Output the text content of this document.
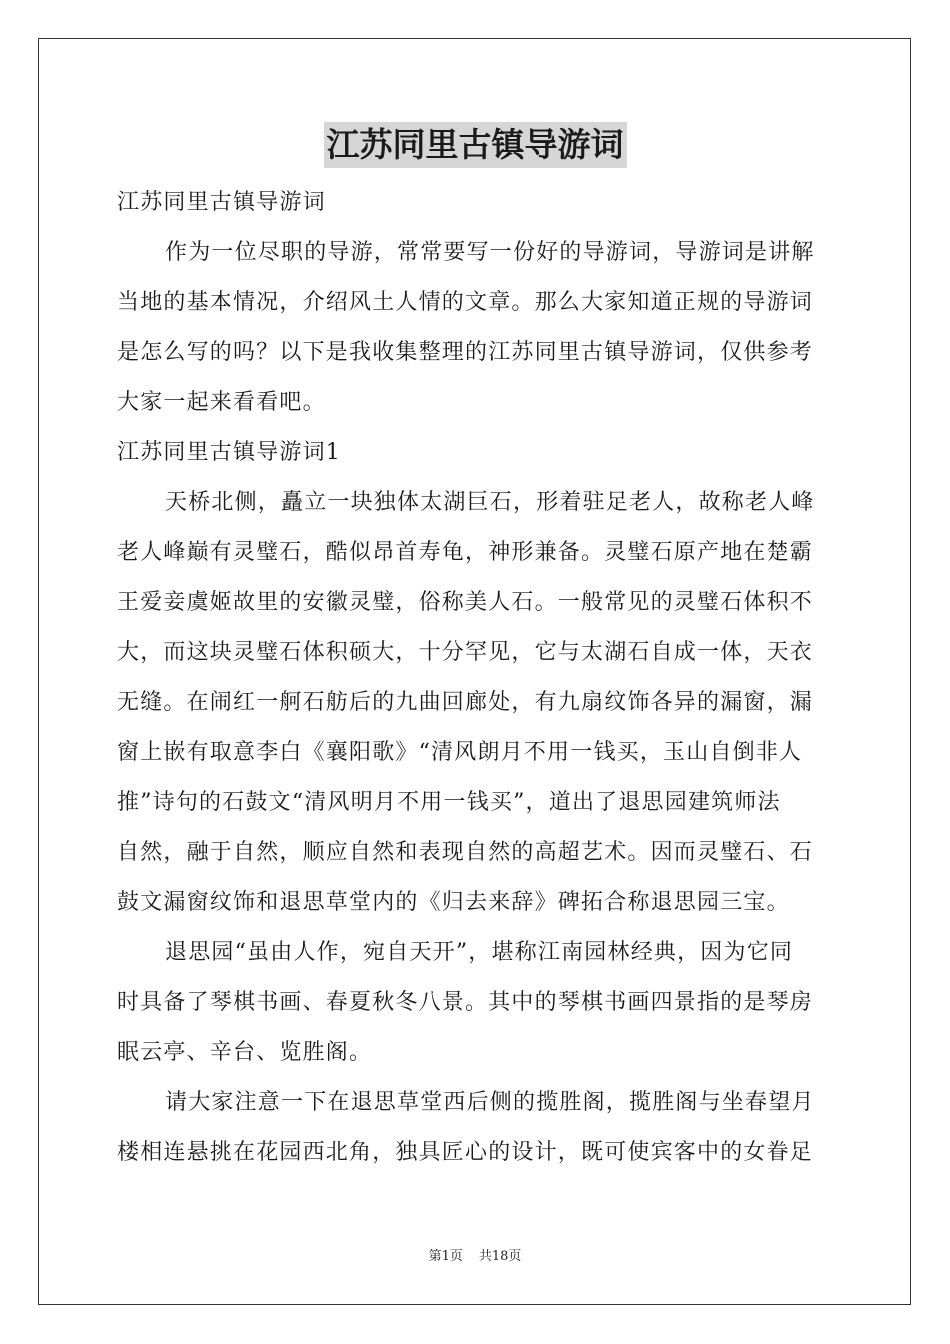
江苏同里古镇导游词
江苏同里古镇导游词
作为一位尽职的导游，常常要写一份好的导游词，导游词是讲解
当地的基本情况，介绍风土人情的文章。那么大家知道正规的导游词
是怎么写的吗？以下是我收集整理的江苏同里古镇导游词，仅供参考
大家一起来看看吧。
江苏同里古镇导游词1
天桥北侧，矗立一块独体太湖巨石，形着驻足老人，故称老人峰
老人峰巅有灵璧石，酷似昂首寿龟，神形兼备。灵璧石原产地在楚霸
王爱妾虞姬故里的安徽灵璧，俗称美人石。一般常见的灵璧石体积不
大，而这块灵璧石体积硕大，十分罕见，它与太湖石自成一体，天衣
无缝。在闹红一舸石舫后的九曲回廊处，有九扇纹饰各异的漏窗，漏
窗上嵌有取意李白《襄阳歌》“清风朗月不用一钱买，玉山自倒非人
推”诗句的石鼓文“清风明月不用一钱买”，道出了退思园建筑师法
自然，融于自然，顺应自然和表现自然的高超艺术。因而灵璧石、石
鼓文漏窗纹饰和退思草堂内的《归去来辞》碑拓合称退思园三宝。
退思园“虽由人作，宛自天开”，堪称江南园林经典，因为它同
时具备了琴棋书画、春夏秋冬八景。其中的琴棋书画四景指的是琴房
眠云亭、辛台、览胜阁。
请大家注意一下在退思草堂西后侧的揽胜阁，揽胜阁与坐春望月
楼相连悬挑在花园西北角，独具匠心的设计，既可使宾客中的女眷足
第1页 共18页
